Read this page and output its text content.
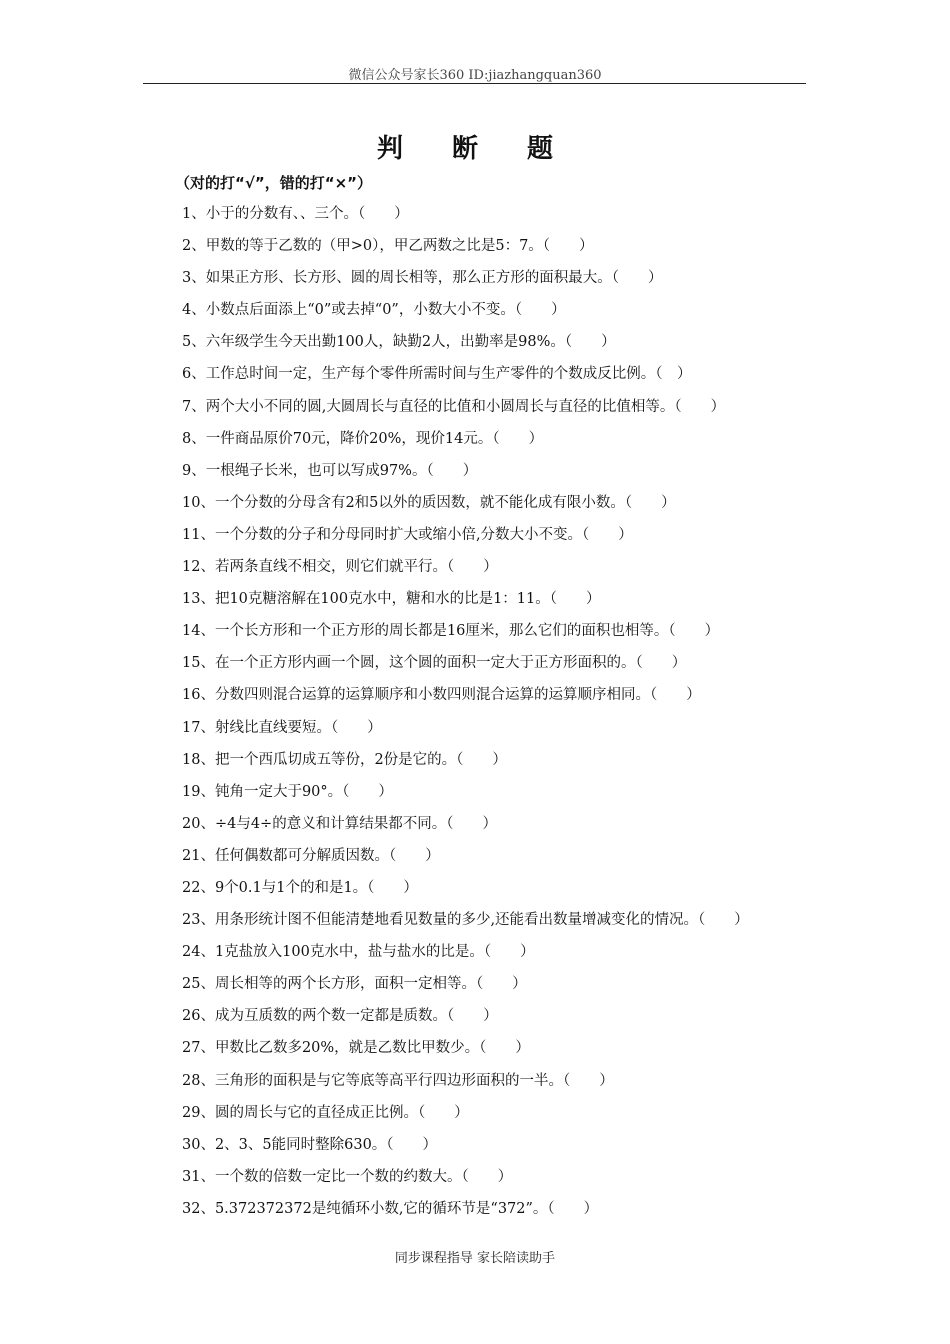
微信公众号家长360 ID:jiazhangquan360
判 断 题
（对的打“√”，错的打“×”）
1、小于的分数有、、三个。（　　）
2、甲数的等于乙数的（甲>0），甲乙两数之比是5：7。（　　）
3、如果正方形、长方形、圆的周长相等，那么正方形的面积最大。（　　）
4、小数点后面添上“0”或去掉“0”，小数大小不变。（　　）
5、六年级学生今天出勤100人，缺勤2人，出勤率是98%。（　　）
6、工作总时间一定，生产每个零件所需时间与生产零件的个数成反比例。（　）
7、两个大小不同的圆,大圆周长与直径的比值和小圆周长与直径的比值相等。（　　）
8、一件商品原价70元，降价20%，现价14元。（　　）
9、一根绳子长米，也可以写成97%。（　　）
10、一个分数的分母含有2和5以外的质因数，就不能化成有限小数。（　　）
11、一个分数的分子和分母同时扩大或缩小倍,分数大小不变。（　　）
12、若两条直线不相交，则它们就平行。（　　）
13、把10克糖溶解在100克水中，糖和水的比是1：11。（　　）
14、一个长方形和一个正方形的周长都是16厘米，那么它们的面积也相等。（　　）
15、在一个正方形内画一个圆，这个圆的面积一定大于正方形面积的。（　　）
16、分数四则混合运算的运算顺序和小数四则混合运算的运算顺序相同。（　　）
17、射线比直线要短。（　　）
18、把一个西瓜切成五等份，2份是它的。（　　）
19、钝角一定大于90°。（　　）
20、÷4与4÷的意义和计算结果都不同。（　　）
21、任何偶数都可分解质因数。（　　）
22、9个0.1与1个的和是1。（　　）
23、用条形统计图不但能清楚地看见数量的多少,还能看出数量增减变化的情况。（　　）
24、1克盐放入100克水中，盐与盐水的比是。（　　）
25、周长相等的两个长方形，面积一定相等。（　　）
26、成为互质数的两个数一定都是质数。（　　）
27、甲数比乙数多20%，就是乙数比甲数少。（　　）
28、三角形的面积是与它等底等高平行四边形面积的一半。（　　）
29、圆的周长与它的直径成正比例。（　　）
30、2、3、5能同时整除630。（　　）
31、一个数的倍数一定比一个数的约数大。（　　）
32、5.372372372是纯循环小数,它的循环节是“372”。（　　）
同步课程指导 家长陪读助手
